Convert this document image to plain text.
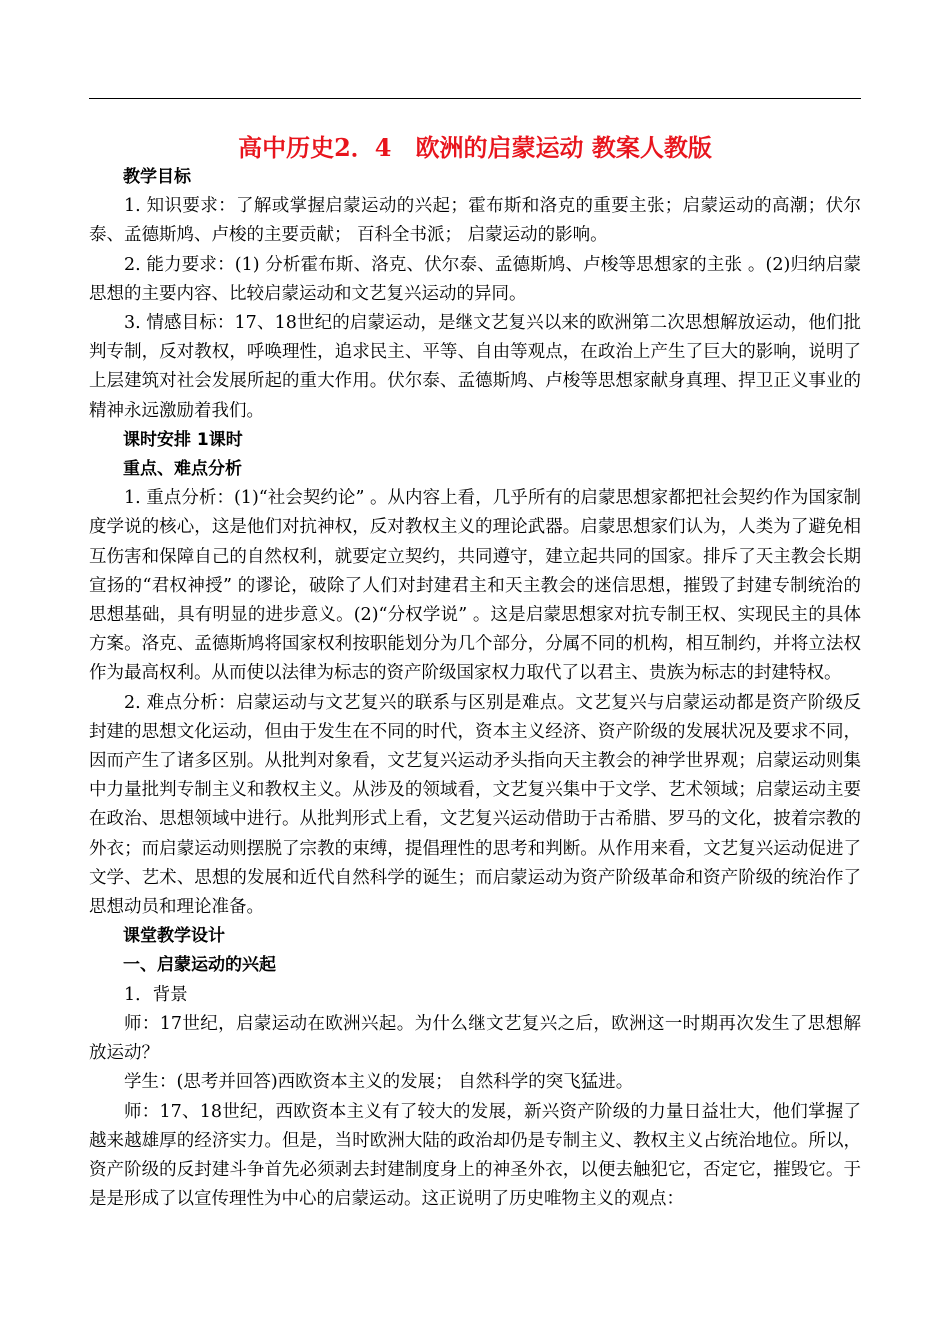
高中历史2．4　欧洲的启蒙运动 教案人教版
教学目标

1. 知识要求：了解或掌握启蒙运动的兴起；霍布斯和洛克的重要主张；启蒙运动的高潮；伏尔泰、孟德斯鸠、卢梭的主要贡献； 百科全书派； 启蒙运动的影响。

2. 能力要求：(1) 分析霍布斯、洛克、伏尔泰、孟德斯鸠、卢梭等思想家的主张 。(2)归纳启蒙思想的主要内容、比较启蒙运动和文艺复兴运动的异同。

3. 情感目标：17、18世纪的启蒙运动，是继文艺复兴以来的欧洲第二次思想解放运动，他们批判专制，反对教权，呼唤理性，追求民主、平等、自由等观点，在政治上产生了巨大的影响，说明了上层建筑对社会发展所起的重大作用。伏尔泰、孟德斯鸠、卢梭等思想家献身真理、捍卫正义事业的精神永远激励着我们。

课时安排 1课时
重点、难点分析

1. 重点分析：(1)“社会契约论” 。从内容上看，几乎所有的启蒙思想家都把社会契约作为国家制度学说的核心，这是他们对抗神权，反对教权主义的理论武器。启蒙思想家们认为，人类为了避免相互伤害和保障自己的自然权利，就要定立契约，共同遵守，建立起共同的国家。排斥了天主教会长期宣扬的“君权神授” 的谬论，破除了人们对封建君主和天主教会的迷信思想，摧毁了封建专制统治的思想基础，具有明显的进步意义。(2)“分权学说” 。这是启蒙思想家对抗专制王权、实现民主的具体方案。洛克、孟德斯鸠将国家权利按职能划分为几个部分，分属不同的机构，相互制约，并将立法权作为最高权利。从而使以法律为标志的资产阶级国家权力取代了以君主、贵族为标志的封建特权。

2. 难点分析：启蒙运动与文艺复兴的联系与区别是难点。文艺复兴与启蒙运动都是资产阶级反封建的思想文化运动，但由于发生在不同的时代，资本主义经济、资产阶级的发展状况及要求不同，因而产生了诸多区别。从批判对象看，文艺复兴运动矛头指向天主教会的神学世界观；启蒙运动则集中力量批判专制主义和教权主义。从涉及的领域看，文艺复兴集中于文学、艺术领域；启蒙运动主要在政治、思想领域中进行。从批判形式上看，文艺复兴运动借助于古希腊、罗马的文化，披着宗教的外衣；而启蒙运动则摆脱了宗教的束缚，提倡理性的思考和判断。从作用来看，文艺复兴运动促进了文学、艺术、思想的发展和近代自然科学的诞生；而启蒙运动为资产阶级革命和资产阶级的统治作了思想动员和理论准备。

课堂教学设计
一、启蒙运动的兴起

1．背景

师：17世纪，启蒙运动在欧洲兴起。为什么继文艺复兴之后，欧洲这一时期再次发生了思想解放运动？

学生：(思考并回答)西欧资本主义的发展； 自然科学的突飞猛进。

师：17、18世纪，西欧资本主义有了较大的发展，新兴资产阶级的力量日益壮大，他们掌握了越来越雄厚的经济实力。但是，当时欧洲大陆的政治却仍是专制主义、教权主义占统治地位。所以，资产阶级的反封建斗争首先必须剥去封建制度身上的神圣外衣，以便去触犯它，否定它，摧毁它。于是是形成了以宣传理性为中心的启蒙运动。这正说明了历史唯物主义的观点：
